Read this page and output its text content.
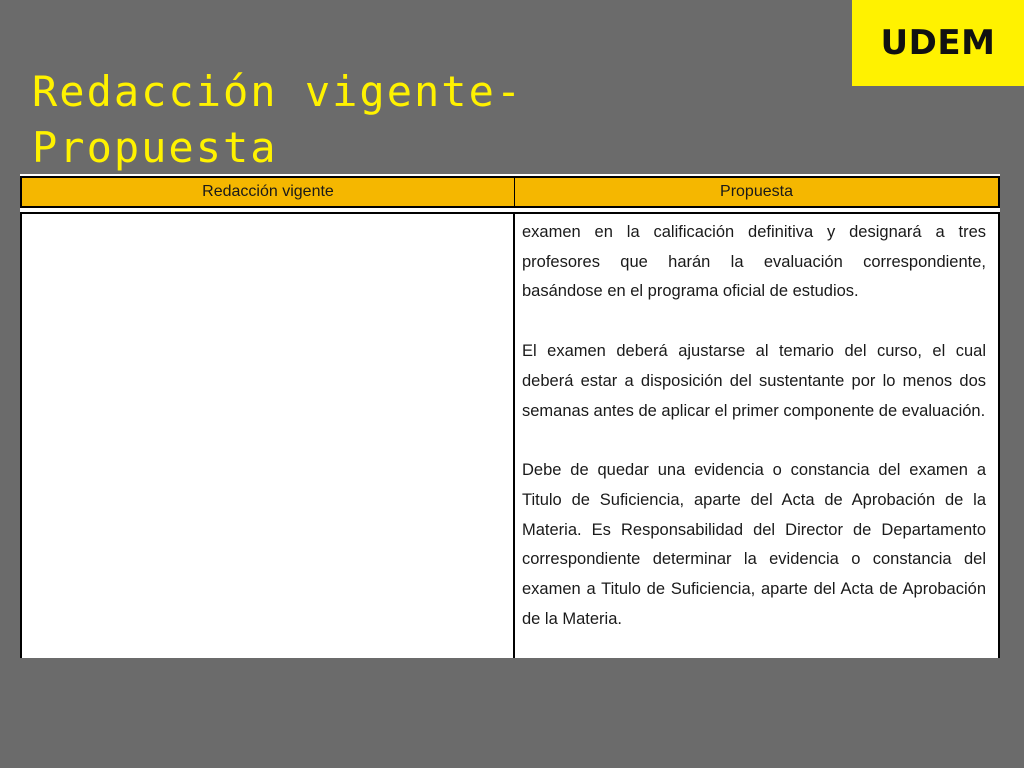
UDEM
Redacción vigente- Propuesta
Redacción vigente	Propuesta

examen en la calificación definitiva y designará a tres profesores que harán la evaluación correspondiente, basándose en el programa oficial de estudios.

El examen deberá ajustarse al temario del curso, el cual deberá estar a disposición del sustentante por lo menos dos semanas antes de aplicar el primer componente de evaluación.

Debe de quedar una evidencia o constancia del examen a Titulo de Suficiencia, aparte del Acta de Aprobación de la Materia. Es Responsabilidad del Director de Departamento correspondiente determinar la evidencia o constancia del examen a Titulo de Suficiencia, aparte del Acta de Aprobación de la Materia.
